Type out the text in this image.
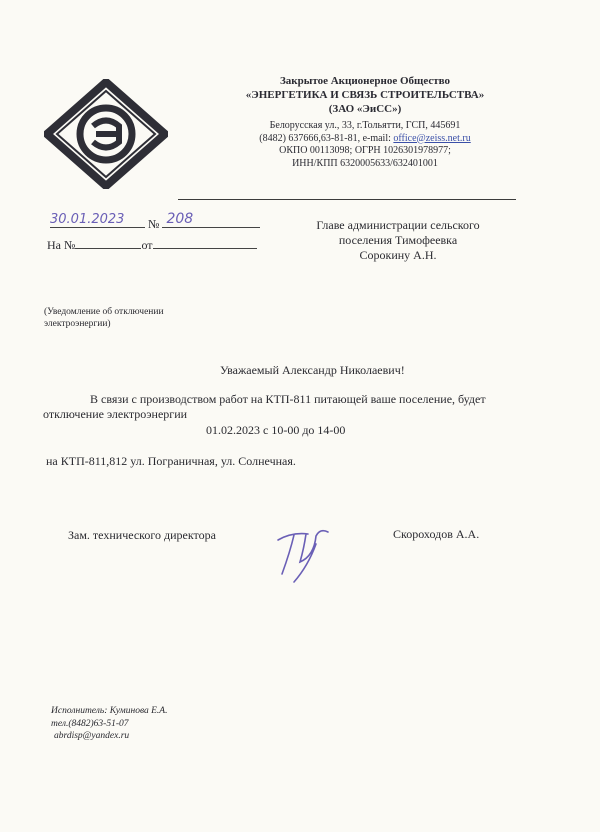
Закрытое Акционерное Общество
«ЭНЕРГЕТИКА И СВЯЗЬ СТРОИТЕЛЬСТВА»
(ЗАО «ЭиСС»)
Белорусская ул., 33, г.Тольятти, ГСП, 445691
(8482) 637666,63-81-81, e-mail: office@zeiss.net.ru
ОКПО 00113098; ОГРН 1026301978977;
ИНН/КПП 6320005633/632401001
30.01.2023 № 208
На №	от
Главе администрации сельского
поселения Тимофеевка
Сорокину А.Н.
(Уведомление об отключении
электроэнергии)
Уважаемый Александр Николаевич!
В связи с производством работ на КТП-811 питающей ваше поселение, будет
отключение электроэнергии
01.02.2023 с 10-00 до 14-00
на КТП-811,812 ул. Пограничная, ул. Солнечная.
Зам. технического директора	Скороходов А.А.
Исполнитель: Куминова Е.А.
тел.(8482)63-51-07
abrdisp@yandex.ru
